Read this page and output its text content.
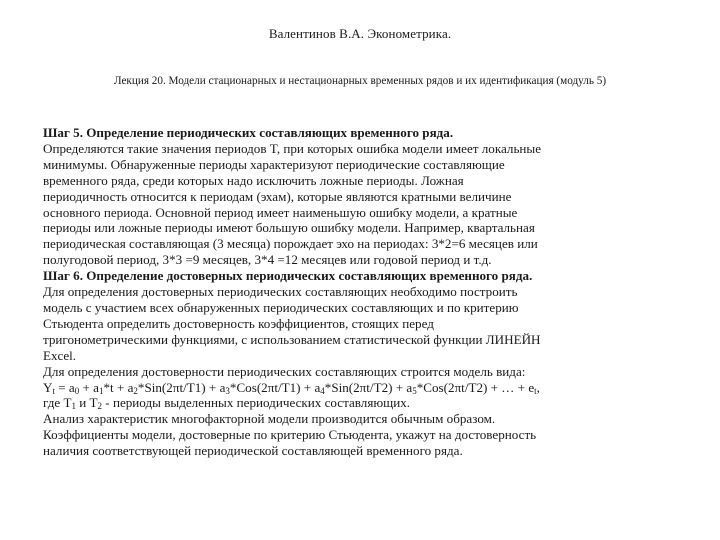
Валентинов В.А. Эконометрика.
Лекция 20. Модели стационарных и нестационарных временных рядов и их идентификация (модуль 5)
Шаг 5. Определение периодических составляющих временного ряда.
Определяются такие значения периодов T, при которых ошибка модели имеет локальные
минимумы. Обнаруженные периоды характеризуют периодические составляющие
временного ряда, среди которых надо исключить ложные периоды. Ложная
периодичность относится к периодам (эхам), которые являются кратными величине
основного периода. Основной период имеет наименьшую ошибку модели, а кратные
периоды или ложные периоды имеют большую ошибку модели. Например, квартальная
периодическая составляющая (3 месяца) порождает эхо на периодах: 3*2=6 месяцев или
полугодовой период, 3*3 =9 месяцев, 3*4 =12 месяцев или годовой период и т.д.
Шаг 6. Определение достоверных периодических составляющих временного ряда.
Для определения достоверных периодических составляющих необходимо построить
модель с участием всех обнаруженных периодических составляющих и по критерию
Стьюдента определить достоверность коэффициентов, стоящих перед
тригонометрическими функциями, с использованием статистической функции ЛИНЕЙН
Excel.
Для определения достоверности периодических составляющих строится модель вида:
$Y_t = a_0 + a_1*t + a_2*Sin(2\pi t/T1) + a_3*Cos(2\pi t/T1) + a_4*Sin(2\pi t/T2) + a_5*Cos(2\pi t/T2)$ + … + $e_t$,
где $T_1$ и $T_2$ - периоды выделенных периодических составляющих.
Анализ характеристик многофакторной модели производится обычным образом.
Коэффициенты модели, достоверные по критерию Стьюдента, укажут на достоверность
наличия соответствующей периодической составляющей временного ряда.
